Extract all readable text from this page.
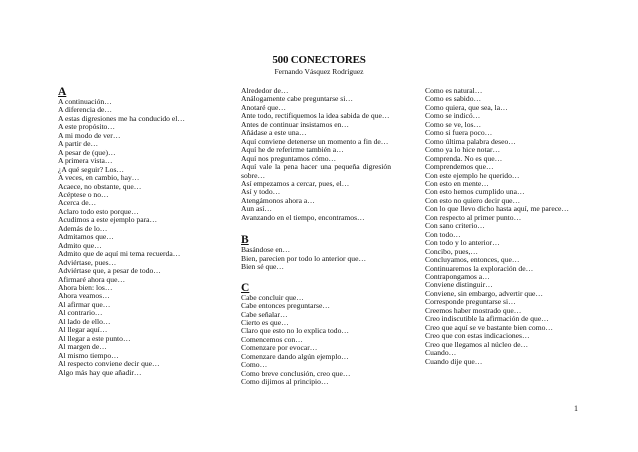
500 CONECTORES
Fernando Vásquez Rodríguez
A
A continuación…
A diferencia de…
A estas digresiones me ha conducido el…
A este propósito…
A mi modo de ver…
A partir de…
A pesar de (que)…
A primera vista…
¿A qué seguir? Los…
A veces, en cambio, hay…
Acaece, no obstante, que…
Acéptese o no…
Acerca de…
Aclaro todo esto porque…
Acudimos a este ejemplo para…
Además de lo…
Admitamos que…
Admito que…
Admito que de aquí mi tema recuerda…
Adviértase, pues…
Adviértase que, a pesar de todo…
Afirmaré ahora que…
Ahora bien: los…
Ahora veamos…
Al afirmar que…
Al contrario…
Al lado de ello…
Al llegar aquí…
Al llegar a este punto…
Al margen de…
Al mismo tiempo…
Al respecto conviene decir que…
Algo más hay que añadir…
Alrededor de…
Análogamente cabe preguntarse si…
Anotaré que…
Ante todo, rectifiquemos la idea sabida de que…
Antes de continuar insistamos en…
Añádase a este una…
Aquí conviene detenerse un momento a fin de…
Aquí he de referirme también a…
Aquí nos preguntamos cómo…
Aquí vale la pena hacer una pequeña digresión sobre…
Así empezamos a cercar, pues, el…
Así y todo…
Atengámonos ahora a…
Aun así…
Avanzando en el tiempo, encontramos…
B
Basándose en…
Bien, parecien por todo lo anterior que…
Bien sé que…
C
Cabe concluir que…
Cabe entonces preguntarse…
Cabe señalar…
Cierto es que…
Claro que esto no lo explica todo…
Comencemos con…
Comenzare por evocar…
Comenzare dando algún ejemplo…
Como…
Como breve conclusión, creo que…
Como dijimos al principio…
Como es natural…
Como es sabido…
Como quiera, que sea, la…
Como se indicó…
Como se ve, los…
Como si fuera poco…
Como última palabra deseo…
Como ya lo hice notar…
Comprenda. No es que…
Comprendemos que…
Con este ejemplo he querido…
Con esto en mente…
Con esto hemos cumplido una…
Con esto no quiero decir que…
Con lo que llevo dicho hasta aquí, me parece…
Con respecto al primer punto…
Con sano criterio…
Con todo…
Con todo y lo anterior…
Concibo, pues,…
Concluyamos, entonces, que…
Continuaremos la exploración de…
Contrapongamos a…
Conviene distinguir…
Conviene, sin embargo, advertir que…
Corresponde preguntarse si…
Creemos haber mostrado que…
Creo indiscutible la afirmación de que…
Creo que aquí se ve bastante bien como…
Creo que con estas indicaciones…
Creo que llegamos al núcleo de…
Cuando…
Cuando dije que…
1
